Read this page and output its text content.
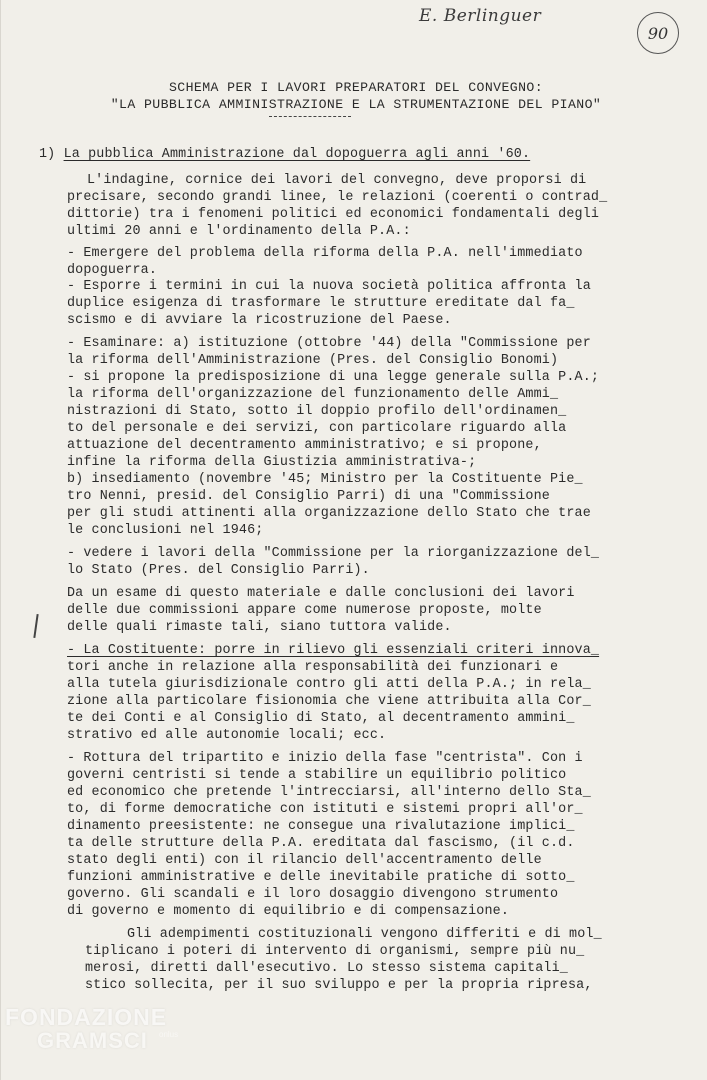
E. Berlinguer
90
SCHEMA PER I LAVORI PREPARATORI DEL CONVEGNO:
"LA PUBBLICA AMMINISTRAZIONE E LA STRUMENTAZIONE DEL PIANO"
1) La pubblica Amministrazione dal dopoguerra agli anni '60.
L'indagine, cornice dei lavori del convegno, deve proporsi di
precisare, secondo grandi linee, le relazioni (coerenti o contrad_
dittorie) tra i fenomeni politici ed economici fondamentali degli
ultimi 20 anni e l'ordinamento della P.A.:
- Emergere del problema della riforma della P.A. nell'immediato
dopoguerra.
- Esporre i termini in cui la nuova società politica affronta la
duplice esigenza di trasformare le strutture ereditate dal fa_
scismo e di avviare la ricostruzione del Paese.
- Esaminare: a) istituzione (ottobre '44) della "Commissione per
la riforma dell'Amministrazione (Pres. del Consiglio Bonomi)
- si propone la predisposizione di una legge generale sulla P.A.;
la riforma dell'organizzazione del funzionamento delle Ammi_
nistrazioni di Stato, sotto il doppio profilo dell'ordinamen_
to del personale e dei servizi, con particolare riguardo alla
attuazione del decentramento amministrativo; e si propone,
infine la riforma della Giustizia amministrativa-;
b) insediamento (novembre '45; Ministro per la Costituente Pie_
tro Nenni, presid. del Consiglio Parri) di una "Commissione
per gli studi attinenti alla organizzazione dello Stato che trae
le conclusioni nel 1946;
- vedere i lavori della "Commissione per la riorganizzazione del_
lo Stato (Pres. del Consiglio Parri).
Da un esame di questo materiale e dalle conclusioni dei lavori
delle due commissioni appare come numerose proposte, molte
delle quali rimaste tali, siano tuttora valide.
- La Costituente: porre in rilievo gli essenziali criteri innova_
tori anche in relazione alla responsabilità dei funzionari e
alla tutela giurisdizionale contro gli atti della P.A.; in rela_
zione alla particolare fisionomia che viene attribuita alla Cor_
te dei Conti e al Consiglio di Stato, al decentramento ammini_
strativo ed alle autonomie locali; ecc.
- Rottura del tripartito e inizio della fase "centrista". Con i
governi centristi si tende a stabilire un equilibrio politico
ed economico che pretende l'intrecciarsi, all'interno dello Sta_
to, di forme democratiche con istituti e sistemi propri all'or_
dinamento preesistente: ne consegue una rivalutazione implici_
ta delle strutture della P.A. ereditata dal fascismo, (il c.d.
stato degli enti) con il rilancio dell'accentramento delle
funzioni amministrative e delle inevitabile pratiche di sotto_
governo. Gli scandali e il loro dosaggio divengono strumento
di governo e momento di equilibrio e di compensazione.
Gli adempimenti costituzionali vengono differiti e di mol_
tiplicano i poteri di intervento di organismi, sempre più nu_
merosi, diretti dall'esecutivo. Lo stesso sistema capitali_
stico sollecita, per il suo sviluppo e per la propria ripresa,
FONDAZIONE
GRAMSCI onlus
